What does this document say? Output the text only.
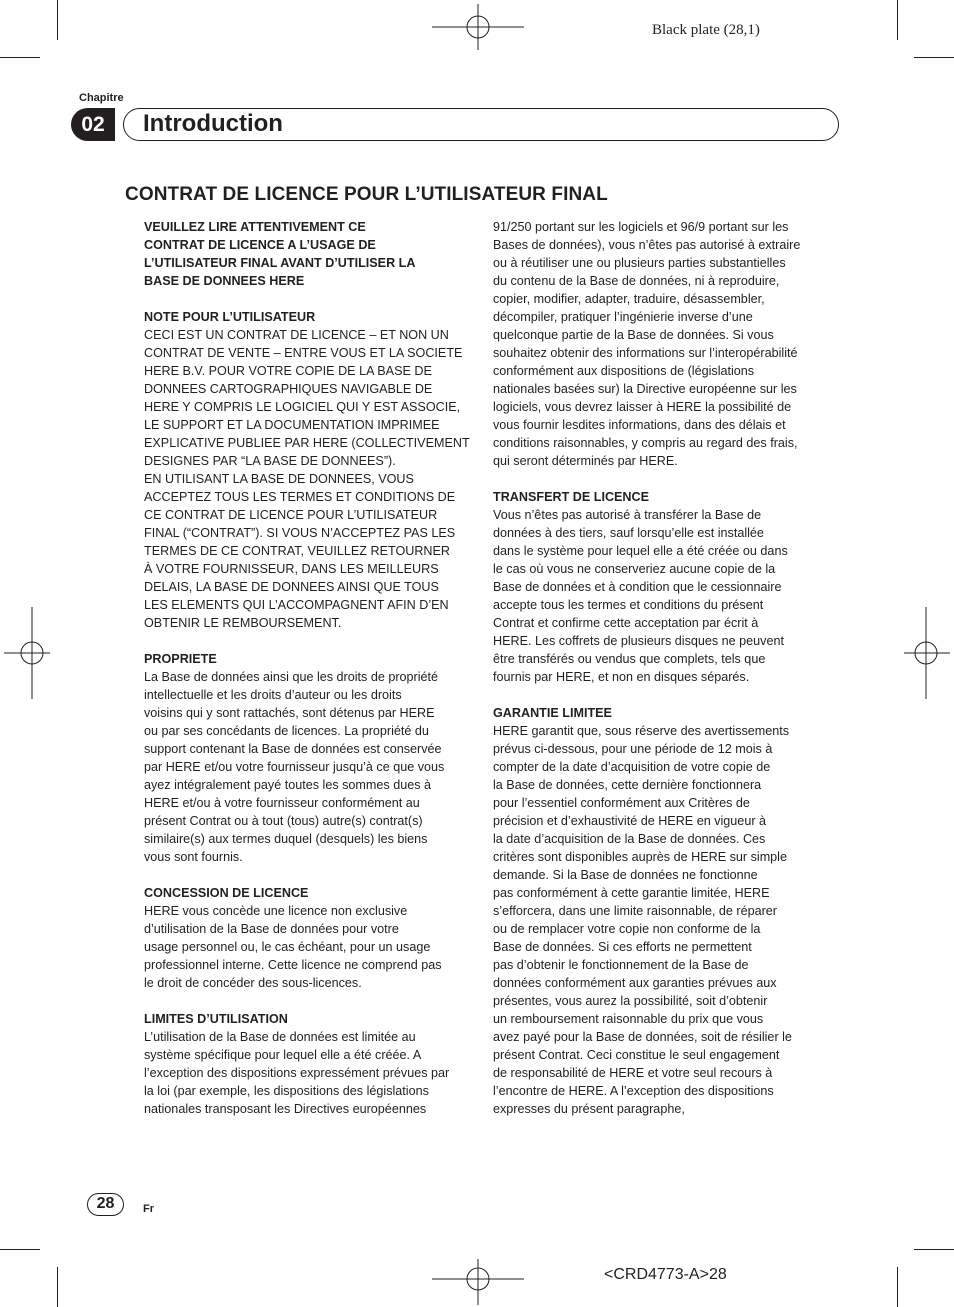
Black plate (28,1)
Chapitre
02	Introduction
CONTRAT DE LICENCE POUR L’UTILISATEUR FINAL

VEUILLEZ LIRE ATTENTIVEMENT CE
CONTRAT DE LICENCE A L’USAGE DE
L’UTILISATEUR FINAL AVANT D’UTILISER LA
BASE DE DONNEES HERE

NOTE POUR L’UTILISATEUR

CECI EST UN CONTRAT DE LICENCE – ET NON UN
CONTRAT DE VENTE – ENTRE VOUS ET LA SOCIETE
HERE B.V. POUR VOTRE COPIE DE LA BASE DE
DONNEES CARTOGRAPHIQUES NAVIGABLE DE
HERE Y COMPRIS LE LOGICIEL QUI Y EST ASSOCIE,
LE SUPPORT ET LA DOCUMENTATION IMPRIMEE
EXPLICATIVE PUBLIEE PAR HERE (COLLECTIVEMENT
DESIGNES PAR “LA BASE DE DONNEES”).
EN UTILISANT LA BASE DE DONNEES, VOUS
ACCEPTEZ TOUS LES TERMES ET CONDITIONS DE
CE CONTRAT DE LICENCE POUR L’UTILISATEUR
FINAL (“CONTRAT”). SI VOUS N’ACCEPTEZ PAS LES
TERMES DE CE CONTRAT, VEUILLEZ RETOURNER
À VOTRE FOURNISSEUR, DANS LES MEILLEURS
DELAIS, LA BASE DE DONNEES AINSI QUE TOUS
LES ELEMENTS QUI L’ACCOMPAGNENT AFIN D’EN
OBTENIR LE REMBOURSEMENT.

PROPRIETE

La Base de données ainsi que les droits de propriété
intellectuelle et les droits d’auteur ou les droits
voisins qui y sont rattachés, sont détenus par HERE
ou par ses concédants de licences. La propriété du
support contenant la Base de données est conservée
par HERE et/ou votre fournisseur jusqu’à ce que vous
ayez intégralement payé toutes les sommes dues à
HERE et/ou à votre fournisseur conformément au
présent Contrat ou à tout (tous) autre(s) contrat(s)
similaire(s) aux termes duquel (desquels) les biens
vous sont fournis.

CONCESSION DE LICENCE

HERE vous concède une licence non exclusive
d’utilisation de la Base de données pour votre
usage personnel ou, le cas échéant, pour un usage
professionnel interne. Cette licence ne comprend pas
le droit de concéder des sous-licences.

LIMITES D’UTILISATION

L’utilisation de la Base de données est limitée au
système spécifique pour lequel elle a été créée. A
l’exception des dispositions expressément prévues par
la loi (par exemple, les dispositions des législations
nationales transposant les Directives européennes

91/250 portant sur les logiciels et 96/9 portant sur les
Bases de données), vous n’êtes pas autorisé à extraire
ou à réutiliser une ou plusieurs parties substantielles
du contenu de la Base de données, ni à reproduire,
copier, modifier, adapter, traduire, désassembler,
décompiler, pratiquer l’ingénierie inverse d’une
quelconque partie de la Base de données. Si vous
souhaitez obtenir des informations sur l’interopérabilité
conformément aux dispositions de (législations
nationales basées sur) la Directive européenne sur les
logiciels, vous devrez laisser à HERE la possibilité de
vous fournir lesdites informations, dans des délais et
conditions raisonnables, y compris au regard des frais,
qui seront déterminés par HERE.

TRANSFERT DE LICENCE

Vous n’êtes pas autorisé à transférer la Base de
données à des tiers, sauf lorsqu’elle est installée
dans le système pour lequel elle a été créée ou dans
le cas où vous ne conserveriez aucune copie de la
Base de données et à condition que le cessionnaire
accepte tous les termes et conditions du présent
Contrat et confirme cette acceptation par écrit à
HERE. Les coffrets de plusieurs disques ne peuvent
être transférés ou vendus que complets, tels que
fournis par HERE, et non en disques séparés.

GARANTIE LIMITEE

HERE garantit que, sous réserve des avertissements
prévus ci-dessous, pour une période de 12 mois à
compter de la date d’acquisition de votre copie de
la Base de données, cette dernière fonctionnera
pour l’essentiel conformément aux Critères de
précision et d’exhaustivité de HERE en vigueur à
la date d’acquisition de la Base de données. Ces
critères sont disponibles auprès de HERE sur simple
demande. Si la Base de données ne fonctionne
pas conformément à cette garantie limitée, HERE
s’efforcera, dans une limite raisonnable, de réparer
ou de remplacer votre copie non conforme de la
Base de données. Si ces efforts ne permettent
pas d’obtenir le fonctionnement de la Base de
données conformément aux garanties prévues aux
présentes, vous aurez la possibilité, soit d’obtenir
un remboursement raisonnable du prix que vous
avez payé pour la Base de données, soit de résilier le
présent Contrat. Ceci constitue le seul engagement
de responsabilité de HERE et votre seul recours à
l’encontre de HERE. A l’exception des dispositions
expresses du présent paragraphe,

28	Fr
<CRD4773-A>28
